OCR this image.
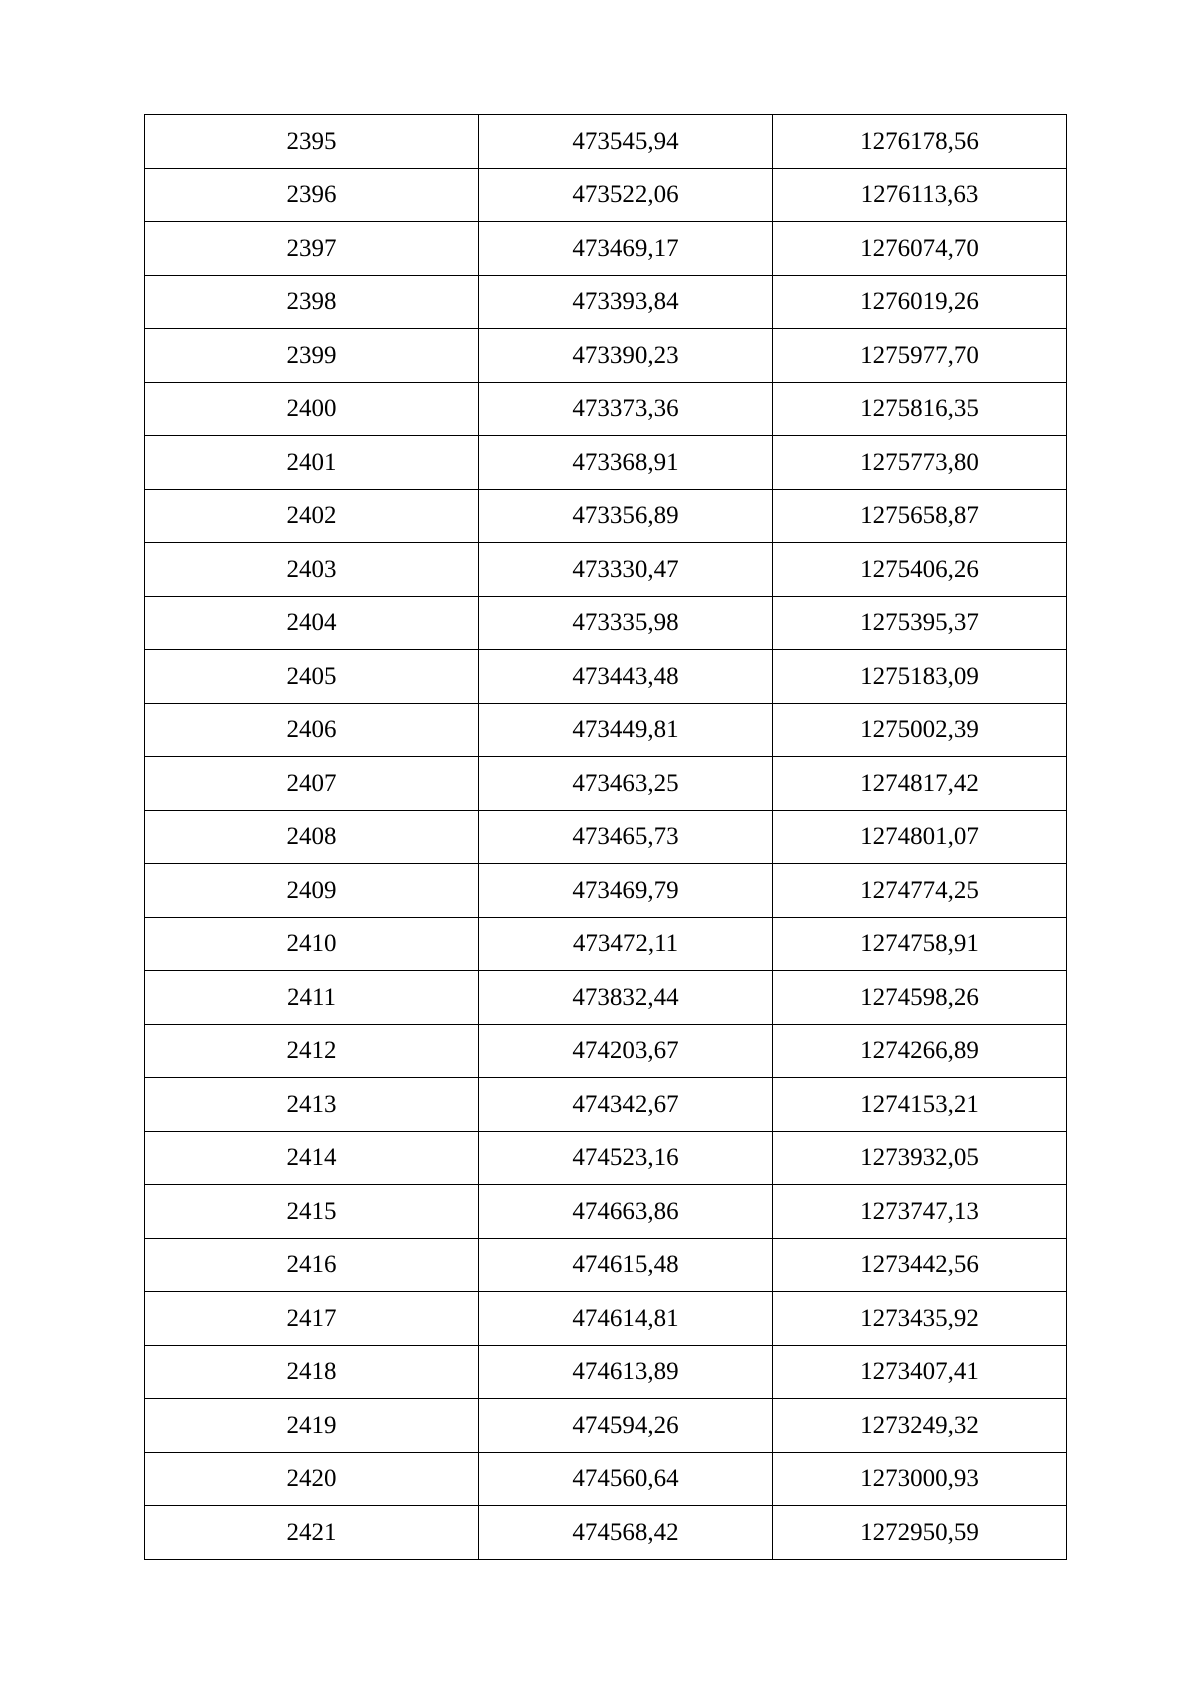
2395	473545,94	1276178,56
2396	473522,06	1276113,63
2397	473469,17	1276074,70
2398	473393,84	1276019,26
2399	473390,23	1275977,70
2400	473373,36	1275816,35
2401	473368,91	1275773,80
2402	473356,89	1275658,87
2403	473330,47	1275406,26
2404	473335,98	1275395,37
2405	473443,48	1275183,09
2406	473449,81	1275002,39
2407	473463,25	1274817,42
2408	473465,73	1274801,07
2409	473469,79	1274774,25
2410	473472,11	1274758,91
2411	473832,44	1274598,26
2412	474203,67	1274266,89
2413	474342,67	1274153,21
2414	474523,16	1273932,05
2415	474663,86	1273747,13
2416	474615,48	1273442,56
2417	474614,81	1273435,92
2418	474613,89	1273407,41
2419	474594,26	1273249,32
2420	474560,64	1273000,93
2421	474568,42	1272950,59
